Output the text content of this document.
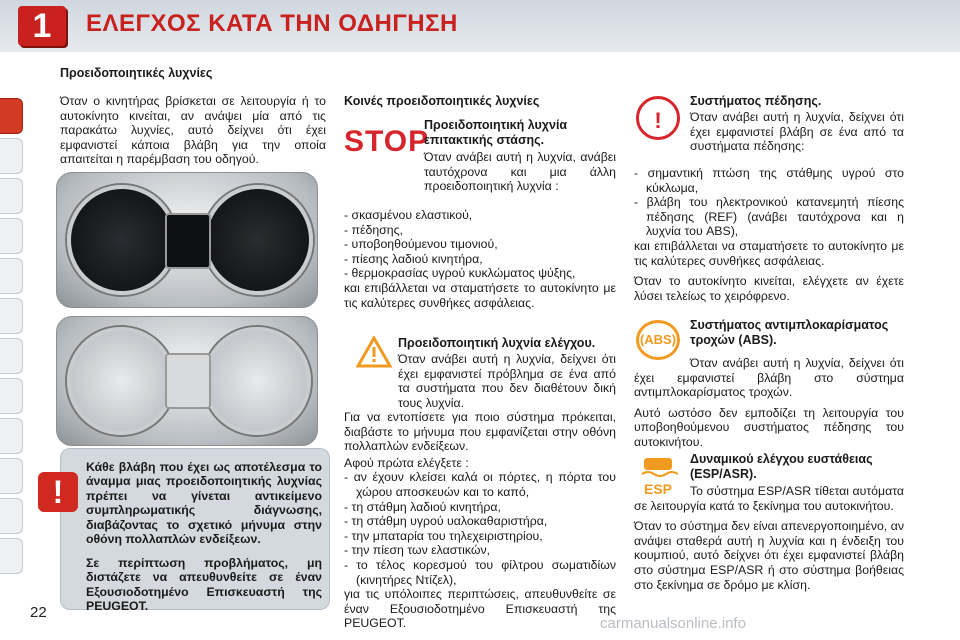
1	ΕΛΕΓΧΟΣ ΚΑΤΑ ΤΗΝ ΟΔΗΓΗΣΗ
Προειδοποιητικές λυχνίες
Όταν ο κινητήρας βρίσκεται σε λειτουργία ή το αυτοκίνητο κινείται, αν ανάψει μία από τις παρακάτω λυχνίες, αυτό δείχνει ότι έχει εμφανιστεί κάποια βλάβη για την οποία απαιτείται η παρέμβαση του οδηγού.
!
Κάθε βλάβη που έχει ως αποτέλεσμα το άναμμα μιας προειδοποιητικής λυχνίας πρέπει να γίνεται αντικείμενο συμπληρωματικής διάγνωσης, διαβάζοντας το σχετικό μήνυμα στην οθόνη πολλαπλών ενδείξεων.
Σε περίπτωση προβλήματος, μη διστάζετε να απευθυνθείτε σε έναν Εξουσιοδοτημένο Επισκευαστή της PEUGEOT.
Κοινές προειδοποιητικές λυχνίες
STOP
Προειδοποιητική λυχνία επιτακτικής στάσης.
Όταν ανάβει αυτή η λυχνία, ανάβει ταυτόχρονα και μια άλλη προειδοποιητική λυχνία :
- σκασμένου ελαστικού,
- πέδησης,
- υποβοηθούμενου τιμονιού,
- πίεσης λαδιού κινητήρα,
- θερμοκρασίας υγρού κυκλώματος ψύξης,
και επιβάλλεται να σταματήσετε το αυτοκίνητο με τις καλύτερες συνθήκες ασφάλειας.
Προειδοποιητική λυχνία ελέγχου.
Όταν ανάβει αυτή η λυχνία, δείχνει ότι έχει εμφανιστεί πρόβλημα σε ένα από τα συστήματα που δεν διαθέτουν δική τους λυχνία.
Για να εντοπίσετε για ποιο σύστημα πρόκειται, διαβάστε το μήνυμα που εμφανίζεται στην οθόνη πολλαπλών ενδείξεων.
Αφού πρώτα ελέγξετε :
- αν έχουν κλείσει καλά οι πόρτες, η πόρτα του χώρου αποσκευών και το καπό,
- τη στάθμη λαδιού κινητήρα,
- τη στάθμη υγρού υαλοκαθαριστήρα,
- την μπαταρία του τηλεχειριστηρίου,
- την πίεση των ελαστικών,
- το τέλος κορεσμού του φίλτρου σωματιδίων (κινητήρες Ντίζελ),
για τις υπόλοιπες περιπτώσεις, απευθυνθείτε σε έναν Εξουσιοδοτημένο Επισκευαστή της PEUGEOT.
!
Συστήματος πέδησης.
Όταν ανάβει αυτή η λυχνία, δείχνει ότι έχει εμφανιστεί βλάβη σε ένα από τα συστήματα πέδησης:
- σημαντική πτώση της στάθμης υγρού στο κύκλωμα,
- βλάβη του ηλεκτρονικού κατανεμητή πίεσης πέδησης (REF) (ανάβει ταυτόχρονα και η λυχνία του ABS),
και επιβάλλεται να σταματήσετε το αυτοκίνητο με τις καλύτερες συνθήκες ασφάλειας.
Όταν το αυτοκίνητο κινείται, ελέγχετε αν έχετε λύσει τελείως το χειρόφρενο.
(ABS)
Συστήματος αντιμπλοκαρίσματος τροχών (ABS).
Όταν ανάβει αυτή η λυχνία, δείχνει ότι έχει εμφανιστεί βλάβη στο σύστημα αντιμπλοκαρίσματος τροχών.
Αυτό ωστόσο δεν εμποδίζει τη λειτουργία του υποβοηθούμενου συστήματος πέδησης του αυτοκινήτου.
ESP
Δυναμικού ελέγχου ευστάθειας (ESP/ASR).
Το σύστημα ESP/ASR τίθεται αυτόματα σε λειτουργία κατά το ξεκίνημα του αυτοκινήτου.
Όταν το σύστημα δεν είναι απενεργοποιημένο, αν ανάψει σταθερά αυτή η λυχνία και η ένδειξη του κουμπιού, αυτό δείχνει ότι έχει εμφανιστεί βλάβη στο σύστημα ESP/ASR ή στο σύστημα βοήθειας στο ξεκίνημα σε δρόμο με κλίση.
22
carmanualsonline.info
